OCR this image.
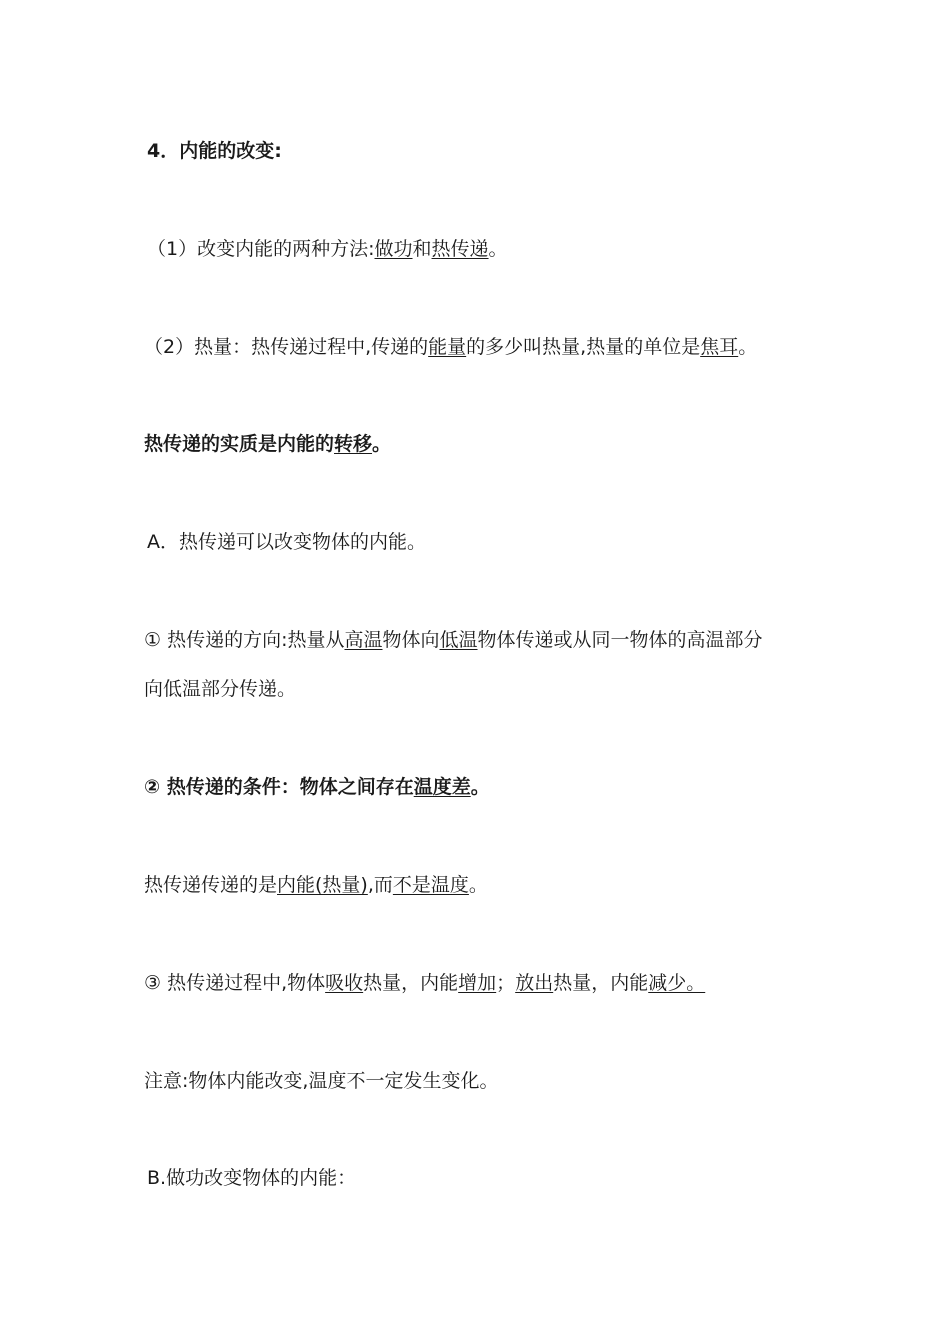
4．内能的改变:
（1）改变内能的两种方法:做功和热传递。
（2）热量：热传递过程中,传递的能量的多少叫热量,热量的单位是焦耳。
热传递的实质是内能的转移。
A．热传递可以改变物体的内能。
① 热传递的方向:热量从高温物体向低温物体传递或从同一物体的高温部分
向低温部分传递。
② 热传递的条件：物体之间存在温度差。
热传递传递的是内能(热量),而不是温度。
③ 热传递过程中,物体吸收热量，内能增加；放出热量，内能减少。
注意:物体内能改变,温度不一定发生变化。
B.做功改变物体的内能：
